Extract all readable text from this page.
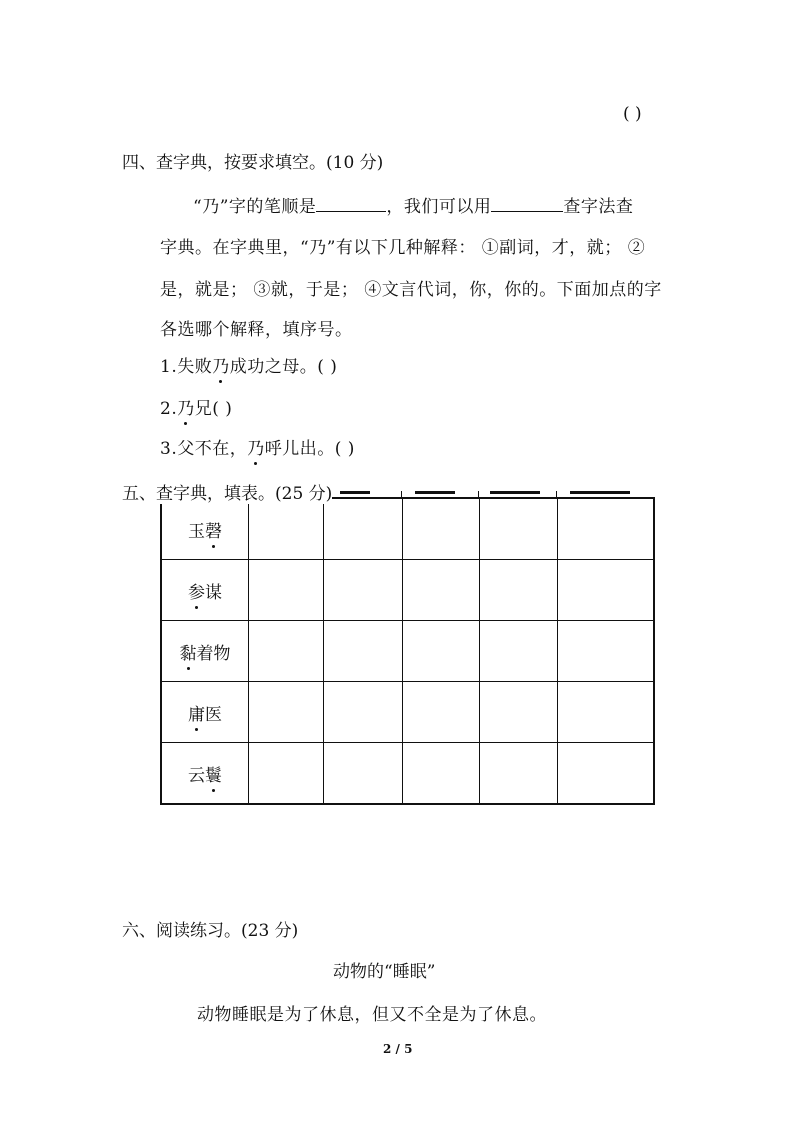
( )
四、查字典，按要求填空。(10 分)
“乃”字的笔顺是	，我们可以用	查字法查
字典。在字典里，“乃”有以下几种解释： ①副词，才，就； ②
是，就是； ③就，于是； ④文言代词，你，你的。下面加点的字
各选哪个解释，填序号。
1.失败乃成功之母。( )
2.乃兄( )
3.父不在，乃呼儿出。( )
五、查字典，填表。(25 分)
玉磬					
参谋					
黏着物					
庸医					
云鬟					
六、阅读练习。(23 分)
动物的“睡眠”
动物睡眠是为了休息，但又不全是为了休息。
2 / 5
